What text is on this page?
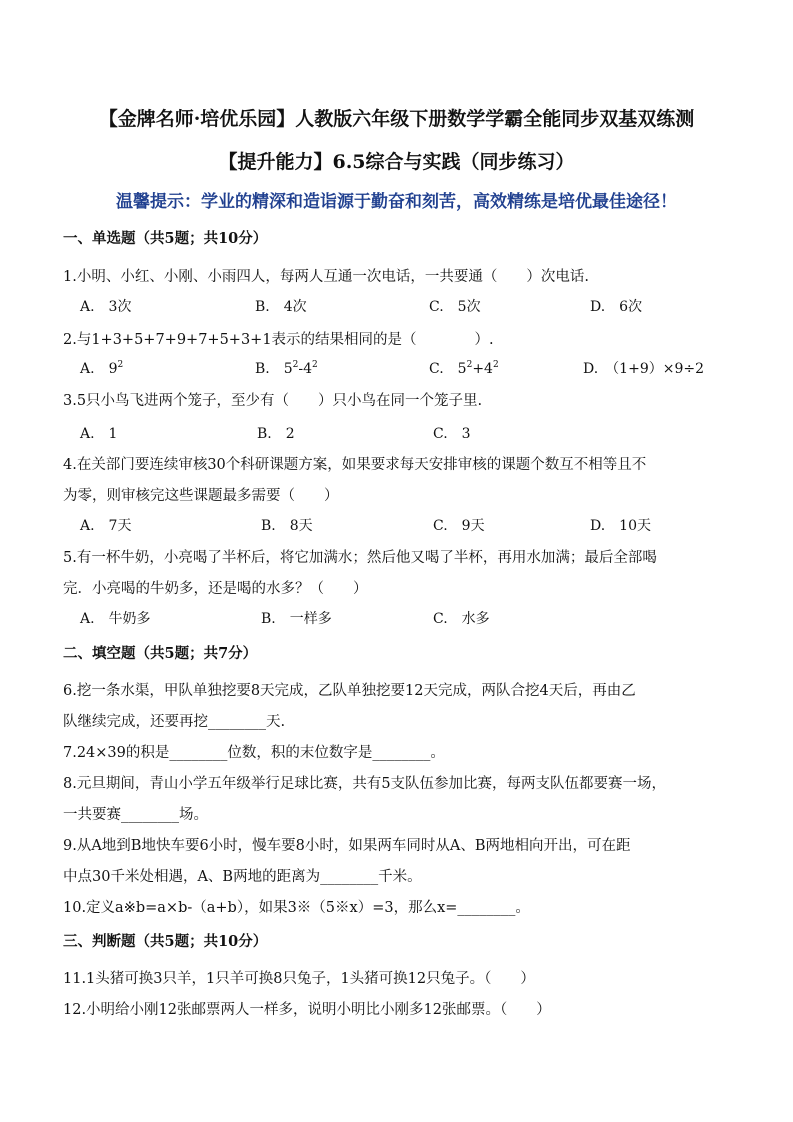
【金牌名师·培优乐园】人教版六年级下册数学学霸全能同步双基双练测
【提升能力】6.5综合与实践（同步练习）
温馨提示：学业的精深和造诣源于勤奋和刻苦，高效精练是培优最佳途径！
一、单选题（共5题；共10分）
1.小明、小红、小刚、小雨四人，每两人互通一次电话，一共要通（　　）次电话.
A.　3次	B.　4次	C.　5次	D.　6次
2.与1+3+5+7+9+7+5+3+1表示的结果相同的是（　　　　）.
A.　$9^2$	B.　$5^2-4^2$	C.　$5^2+4^2$	D.　（1+9）×9÷2
3.5只小鸟飞进两个笼子，至少有（　　）只小鸟在同一个笼子里.
A.　1	B.　2	C.　3
4.在关部门要连续审核30个科研课题方案，如果要求每天安排审核的课题个数互不相等且不
为零，则审核完这些课题最多需要（　　）
A.　7天	B.　8天	C.　9天	D.　10天
5.有一杯牛奶，小亮喝了半杯后，将它加满水；然后他又喝了半杯，再用水加满；最后全部喝
完．小亮喝的牛奶多，还是喝的水多？（　　）
A.　牛奶多	B.　一样多	C.　水多
二、填空题（共5题；共7分）
6.挖一条水渠，甲队单独挖要8天完成，乙队单独挖要12天完成，两队合挖4天后，再由乙
队继续完成，还要再挖________天.
7.24×39的积是________位数，积的末位数字是________。
8.元旦期间，青山小学五年级举行足球比赛，共有5支队伍参加比赛，每两支队伍都要赛一场，
一共要赛________场。
9.从A地到B地快车要6小时，慢车要8小时，如果两车同时从A、B两地相向开出，可在距
中点30千米处相遇，A、B两地的距离为________千米。
10.定义a※b=a×b-（a+b），如果3※（5※x）=3，那么x=________。
三、判断题（共5题；共10分）
11.1头猪可换3只羊，1只羊可换8只兔子，1头猪可换12只兔子。（　　）
12.小明给小刚12张邮票两人一样多，说明小明比小刚多12张邮票。（　　）
